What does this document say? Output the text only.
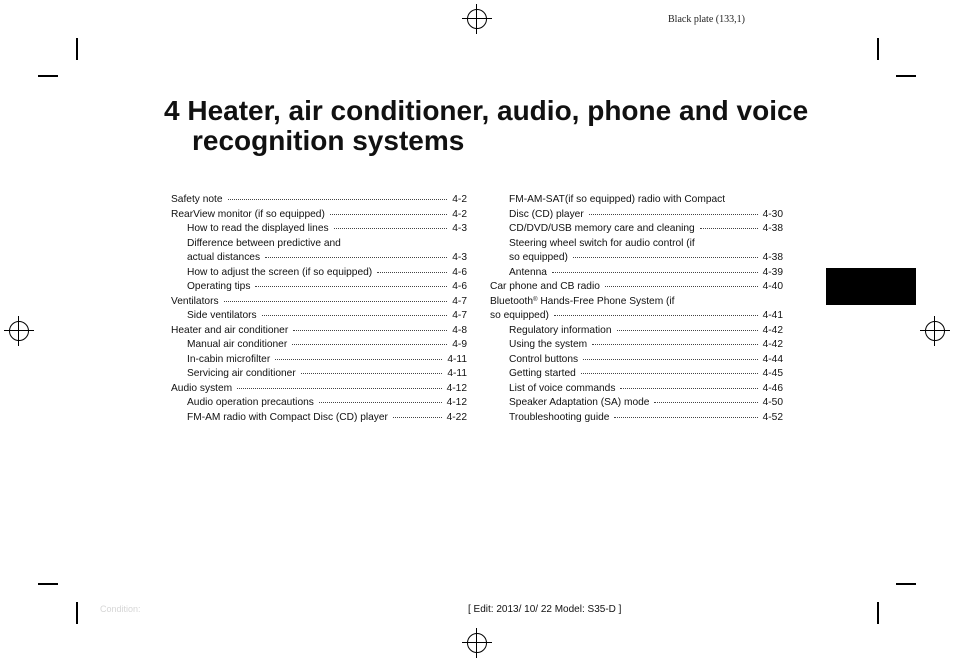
Black plate (133,1)
4 Heater, air conditioner, audio, phone and voice
recognition systems
Safety note	4-2
RearView monitor (if so equipped)	4-2
How to read the displayed lines	4-3
Difference between predictive and
actual distances	4-3
How to adjust the screen (if so equipped)	4-6
Operating tips	4-6
Ventilators	4-7
Side ventilators	4-7
Heater and air conditioner	4-8
Manual air conditioner	4-9
In-cabin microfilter	4-11
Servicing air conditioner	4-11
Audio system	4-12
Audio operation precautions	4-12
FM-AM radio with Compact Disc (CD) player	4-22
FM-AM-SAT(if so equipped) radio with Compact
Disc (CD) player	4-30
CD/DVD/USB memory care and cleaning	4-38
Steering wheel switch for audio control (if
so equipped)	4-38
Antenna	4-39
Car phone and CB radio	4-40
Bluetooth® Hands-Free Phone System (if
so equipped)	4-41
Regulatory information	4-42
Using the system	4-42
Control buttons	4-44
Getting started	4-45
List of voice commands	4-46
Speaker Adaptation (SA) mode	4-50
Troubleshooting guide	4-52
Condition:	[ Edit: 2013/ 10/ 22 Model: S35-D ]
